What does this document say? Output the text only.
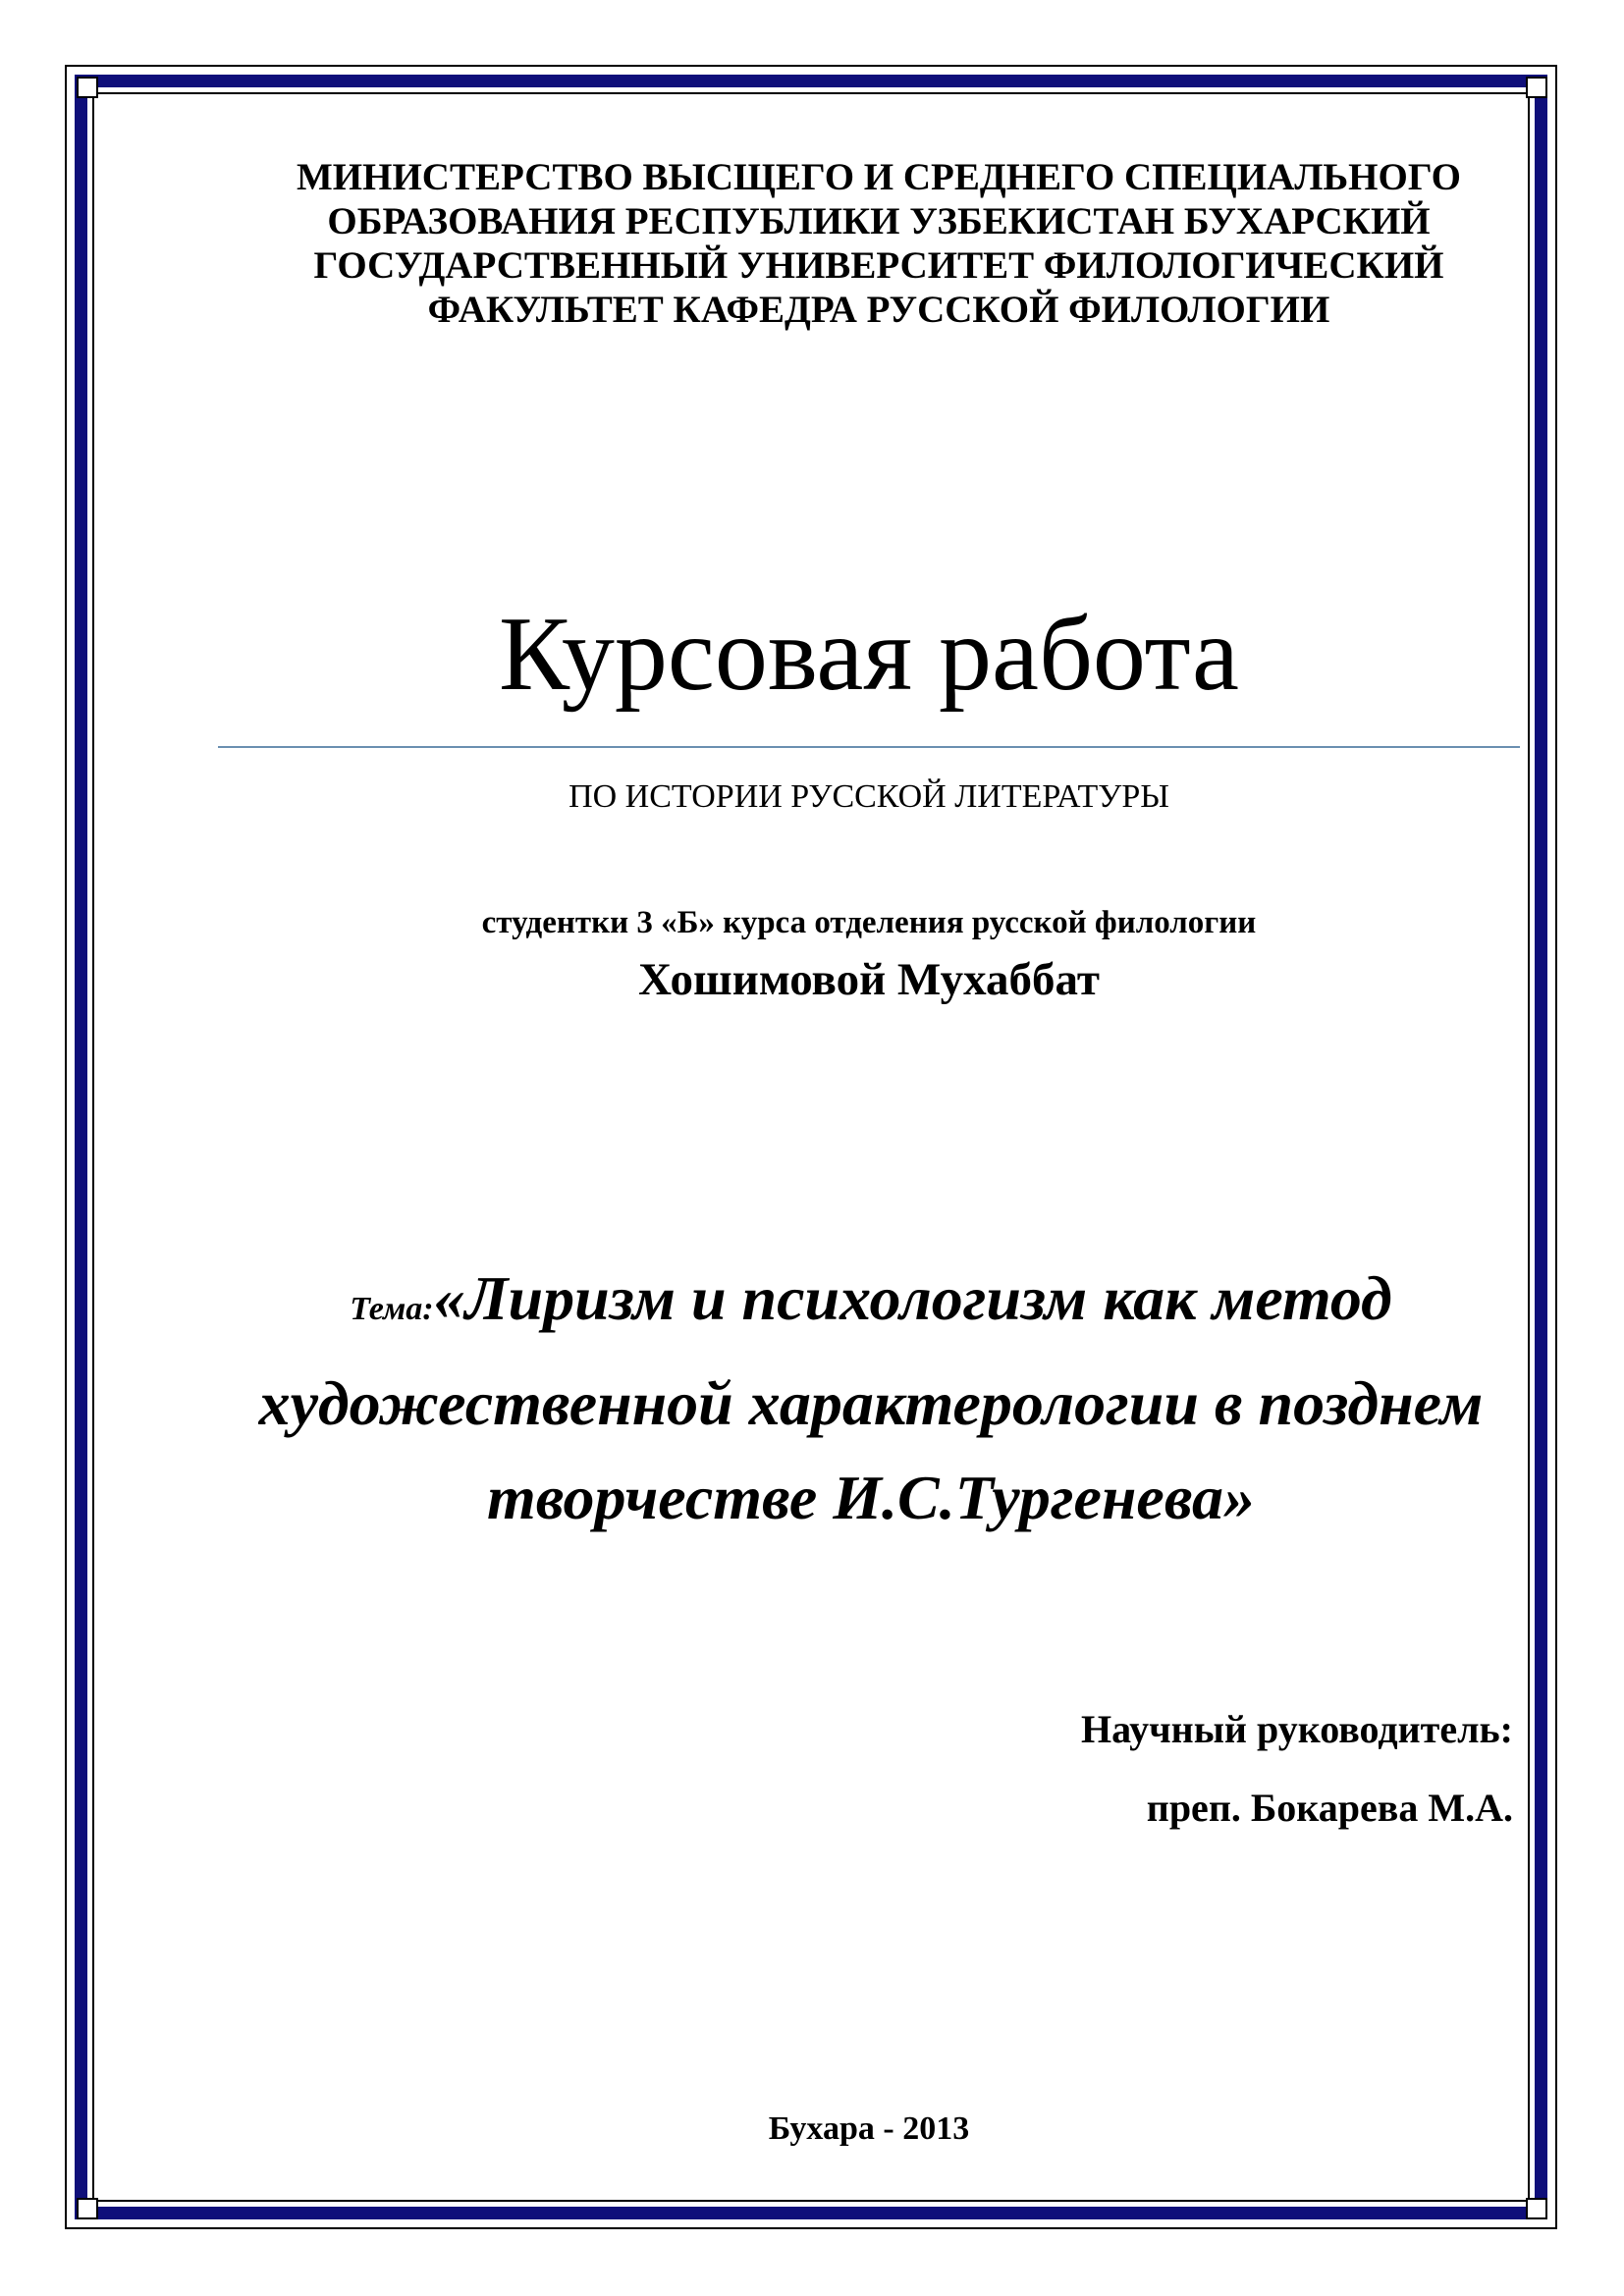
МИНИСТЕРСТВО ВЫСЩЕГО И СРЕДНЕГО СПЕЦИАЛЬНОГО
ОБРАЗОВАНИЯ РЕСПУБЛИКИ УЗБЕКИСТАН БУХАРСКИЙ
ГОСУДАРСТВЕННЫЙ УНИВЕРСИТЕТ ФИЛОЛОГИЧЕСКИЙ
ФАКУЛЬТЕТ КАФЕДРА РУССКОЙ ФИЛОЛОГИИ
Курсовая работа
ПО ИСТОРИИ РУССКОЙ ЛИТЕРАТУРЫ
студентки 3 «Б» курса отделения русской филологии
Хошимовой Мухаббат
Тема:«Лиризм и психологизм как метод
художественной характерологии в позднем
творчестве И.С.Тургенева»
Научный руководитель:
преп. Бокарева М.А.
Бухара - 2013
